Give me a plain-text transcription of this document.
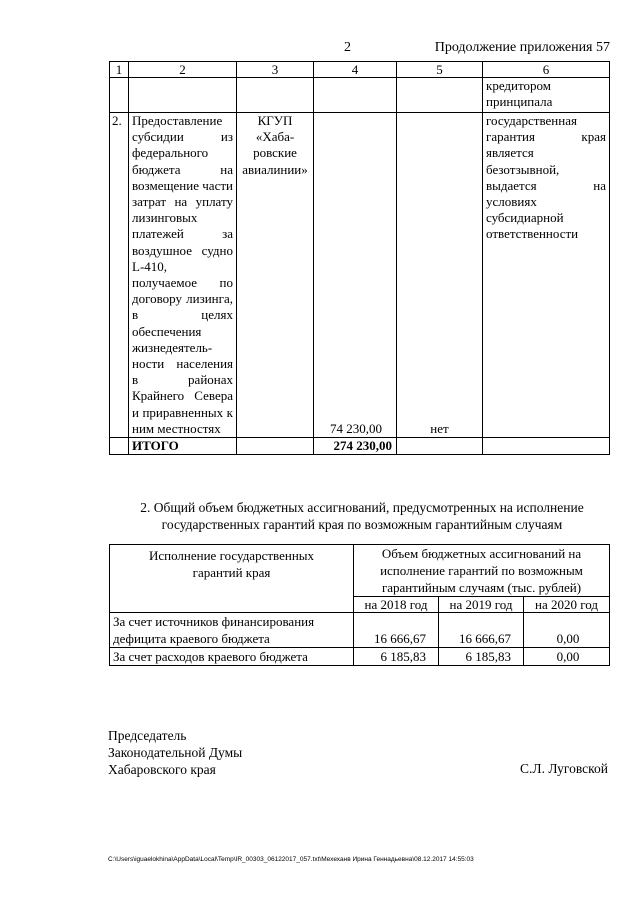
2	Продолжение приложения 57
1	2	3	4	5	6
					кредитором принципала
2.	Предоставление субсидии из федерального бюджета на возмещение части затрат на уплату лизинговых платежей за воздушное судно L-410, получаемое по договору лизинга, в целях обеспечения жизнедеятель-ности населения в районах Крайнего Севера и приравненных к ним местностях	КГУП «Хаба-ровские авиалинии»	74 230,00	нет	государственная гарантия края является безотзывной, выдается на условиях субсидиарной ответственности
	ИТОГО		274 230,00		
2. Общий объем бюджетных ассигнований, предусмотренных на исполнение государственных гарантий края по возможным гарантийным случаям
Исполнение государственных гарантий края	Объем бюджетных ассигнований на исполнение гарантий по возможным гарантийным случаям (тыс. рублей)		
	на 2018 год	на 2019 год	на 2020 год
За счет источников финансирования дефицита краевого бюджета	16 666,67	16 666,67	0,00
За счет расходов краевого бюджета	6 185,83	6 185,83	0,00
Председатель
Законодательной Думы
Хабаровского края	С.Л. Луговской
C:\Users\iguaelokhina\AppData\Local\Temp\IR_00303_06122017_057.txt\Мехеханв Ирина Геннадьевна\08.12.2017 14:55:03
